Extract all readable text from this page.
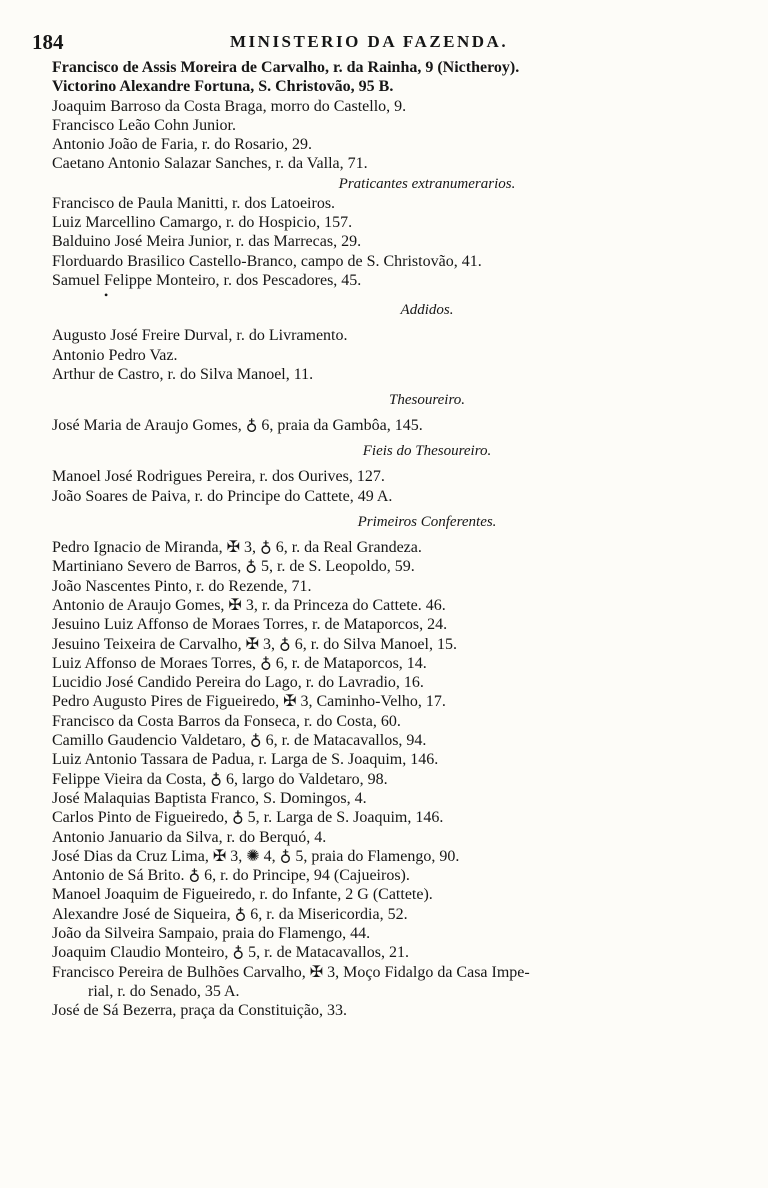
184	MINISTERIO DA FAZENDA.

Francisco de Assis Moreira de Carvalho, r. da Rainha, 9 (Nictheroy).

Victorino Alexandre Fortuna, S. Christovão, 95 B.

Joaquim Barroso da Costa Braga, morro do Castello, 9.

Francisco Leão Cohn Junior.

Antonio João de Faria, r. do Rosario, 29.

Caetano Antonio Salazar Sanches, r. da Valla, 71.

Praticantes extranumerarios.

Francisco de Paula Manitti, r. dos Latoeiros.

Luiz Marcellino Camargo, r. do Hospicio, 157.

Balduino José Meira Junior, r. das Marrecas, 29.

Florduardo Brasilico Castello-Branco, campo de S. Christovão, 41.

Samuel Felippe Monteiro, r. dos Pescadores, 45.

•
Addidos.

Augusto José Freire Durval, r. do Livramento.

Antonio Pedro Vaz.

Arthur de Castro, r. do Silva Manoel, 11.

Thesoureiro.

José Maria de Araujo Gomes, ♁ 6, praia da Gambôa, 145.

Fieis do Thesoureiro.

Manoel José Rodrigues Pereira, r. dos Ourives, 127.

João Soares de Paiva, r. do Principe do Cattete, 49 A.

Primeiros Conferentes.

Pedro Ignacio de Miranda, ✠ 3, ♁ 6, r. da Real Grandeza.

Martiniano Severo de Barros, ♁ 5, r. de S. Leopoldo, 59.

João Nascentes Pinto, r. do Rezende, 71.

Antonio de Araujo Gomes, ✠ 3, r. da Princeza do Cattete. 46.

Jesuino Luiz Affonso de Moraes Torres, r. de Mataporcos, 24.

Jesuino Teixeira de Carvalho, ✠ 3, ♁ 6, r. do Silva Manoel, 15.

Luiz Affonso de Moraes Torres, ♁ 6, r. de Mataporcos, 14.

Lucidio José Candido Pereira do Lago, r. do Lavradio, 16.

Pedro Augusto Pires de Figueiredo, ✠ 3, Caminho-Velho, 17.

Francisco da Costa Barros da Fonseca, r. do Costa, 60.

Camillo Gaudencio Valdetaro, ♁ 6, r. de Matacavallos, 94.

Luiz Antonio Tassara de Padua, r. Larga de S. Joaquim, 146.

Felippe Vieira da Costa, ♁ 6, largo do Valdetaro, 98.

José Malaquias Baptista Franco, S. Domingos, 4.

Carlos Pinto de Figueiredo, ♁ 5, r. Larga de S. Joaquim, 146.

Antonio Januario da Silva, r. do Berquó, 4.

José Dias da Cruz Lima, ✠ 3, ✺ 4, ♁ 5, praia do Flamengo, 90.

Antonio de Sá Brito. ♁ 6, r. do Principe, 94 (Cajueiros).

Manoel Joaquim de Figueiredo, r. do Infante, 2 G (Cattete).

Alexandre José de Siqueira, ♁ 6, r. da Misericordia, 52.

João da Silveira Sampaio, praia do Flamengo, 44.

Joaquim Claudio Monteiro, ♁ 5, r. de Matacavallos, 21.

Francisco Pereira de Bulhões Carvalho, ✠ 3, Moço Fidalgo da Casa Impe-

rial, r. do Senado, 35 A.

José de Sá Bezerra, praça da Constituição, 33.
